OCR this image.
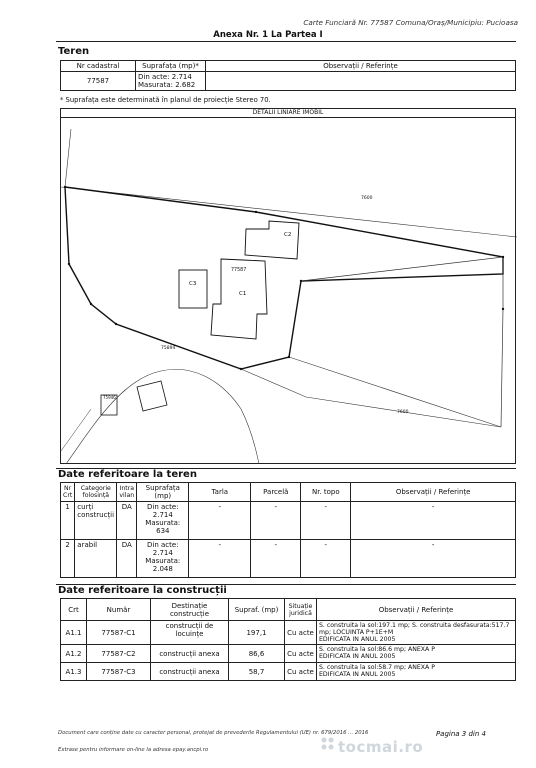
Carte Funciară Nr. 77587 Comuna/Oraș/Municipiu: Pucioasa
Anexa Nr. 1 La Partea I
Teren
Nr cadastral	Suprafața (mp)*	Observații / Referințe
77587	Din acte: 2.714
Masurata: 2.682	

* Suprafața este determinată în planul de proiecție Stereo 70.
C2
C1
C3
77587
7600
75894
7600
75946
DETALII LINIARE IMOBIL
Date referitoare la teren
Nr Crt	Categorie folosință	Intra vilan	Suprafața (mp)	Tarla	Parcelă	Nr. topo	Observații / Referințe
1	curți construcții	DA	Din acte:
2.714
Masurata:
634	-	-	-	-
2	arabil	DA	Din acte:
2.714
Masurata:
2.048	-	-	-	-
Date referitoare la construcții
Crt	Număr	Destinație construcție	Supraf. (mp)	Situație juridică	Observații / Referințe
A1.1	77587-C1	construcții de locuințe	197,1	Cu acte	S. construita la sol:197.1 mp; S. construita desfasurata:517.7 mp; LOCUINTA P+1E+M
EDIFICATA IN ANUL 2005

A1.2	77587-C2	construcții anexa	86,6	Cu acte	S. construita la sol:86.6 mp; ANEXA P
EDIFICATA IN ANUL 2005

A1.3	77587-C3	construcții anexa	58,7	Cu acte	S. construita la sol:58.7 mp; ANEXA P
EDIFICATA IN ANUL 2005
Document care conține date cu caracter personal, protejat de prevederile Regulamentului (UE) nr. 679/2016 ... 2016
Extrase pentru informare on-line la adresa epay.ancpi.ro
Pagina 3 din 4
tocmai.ro
